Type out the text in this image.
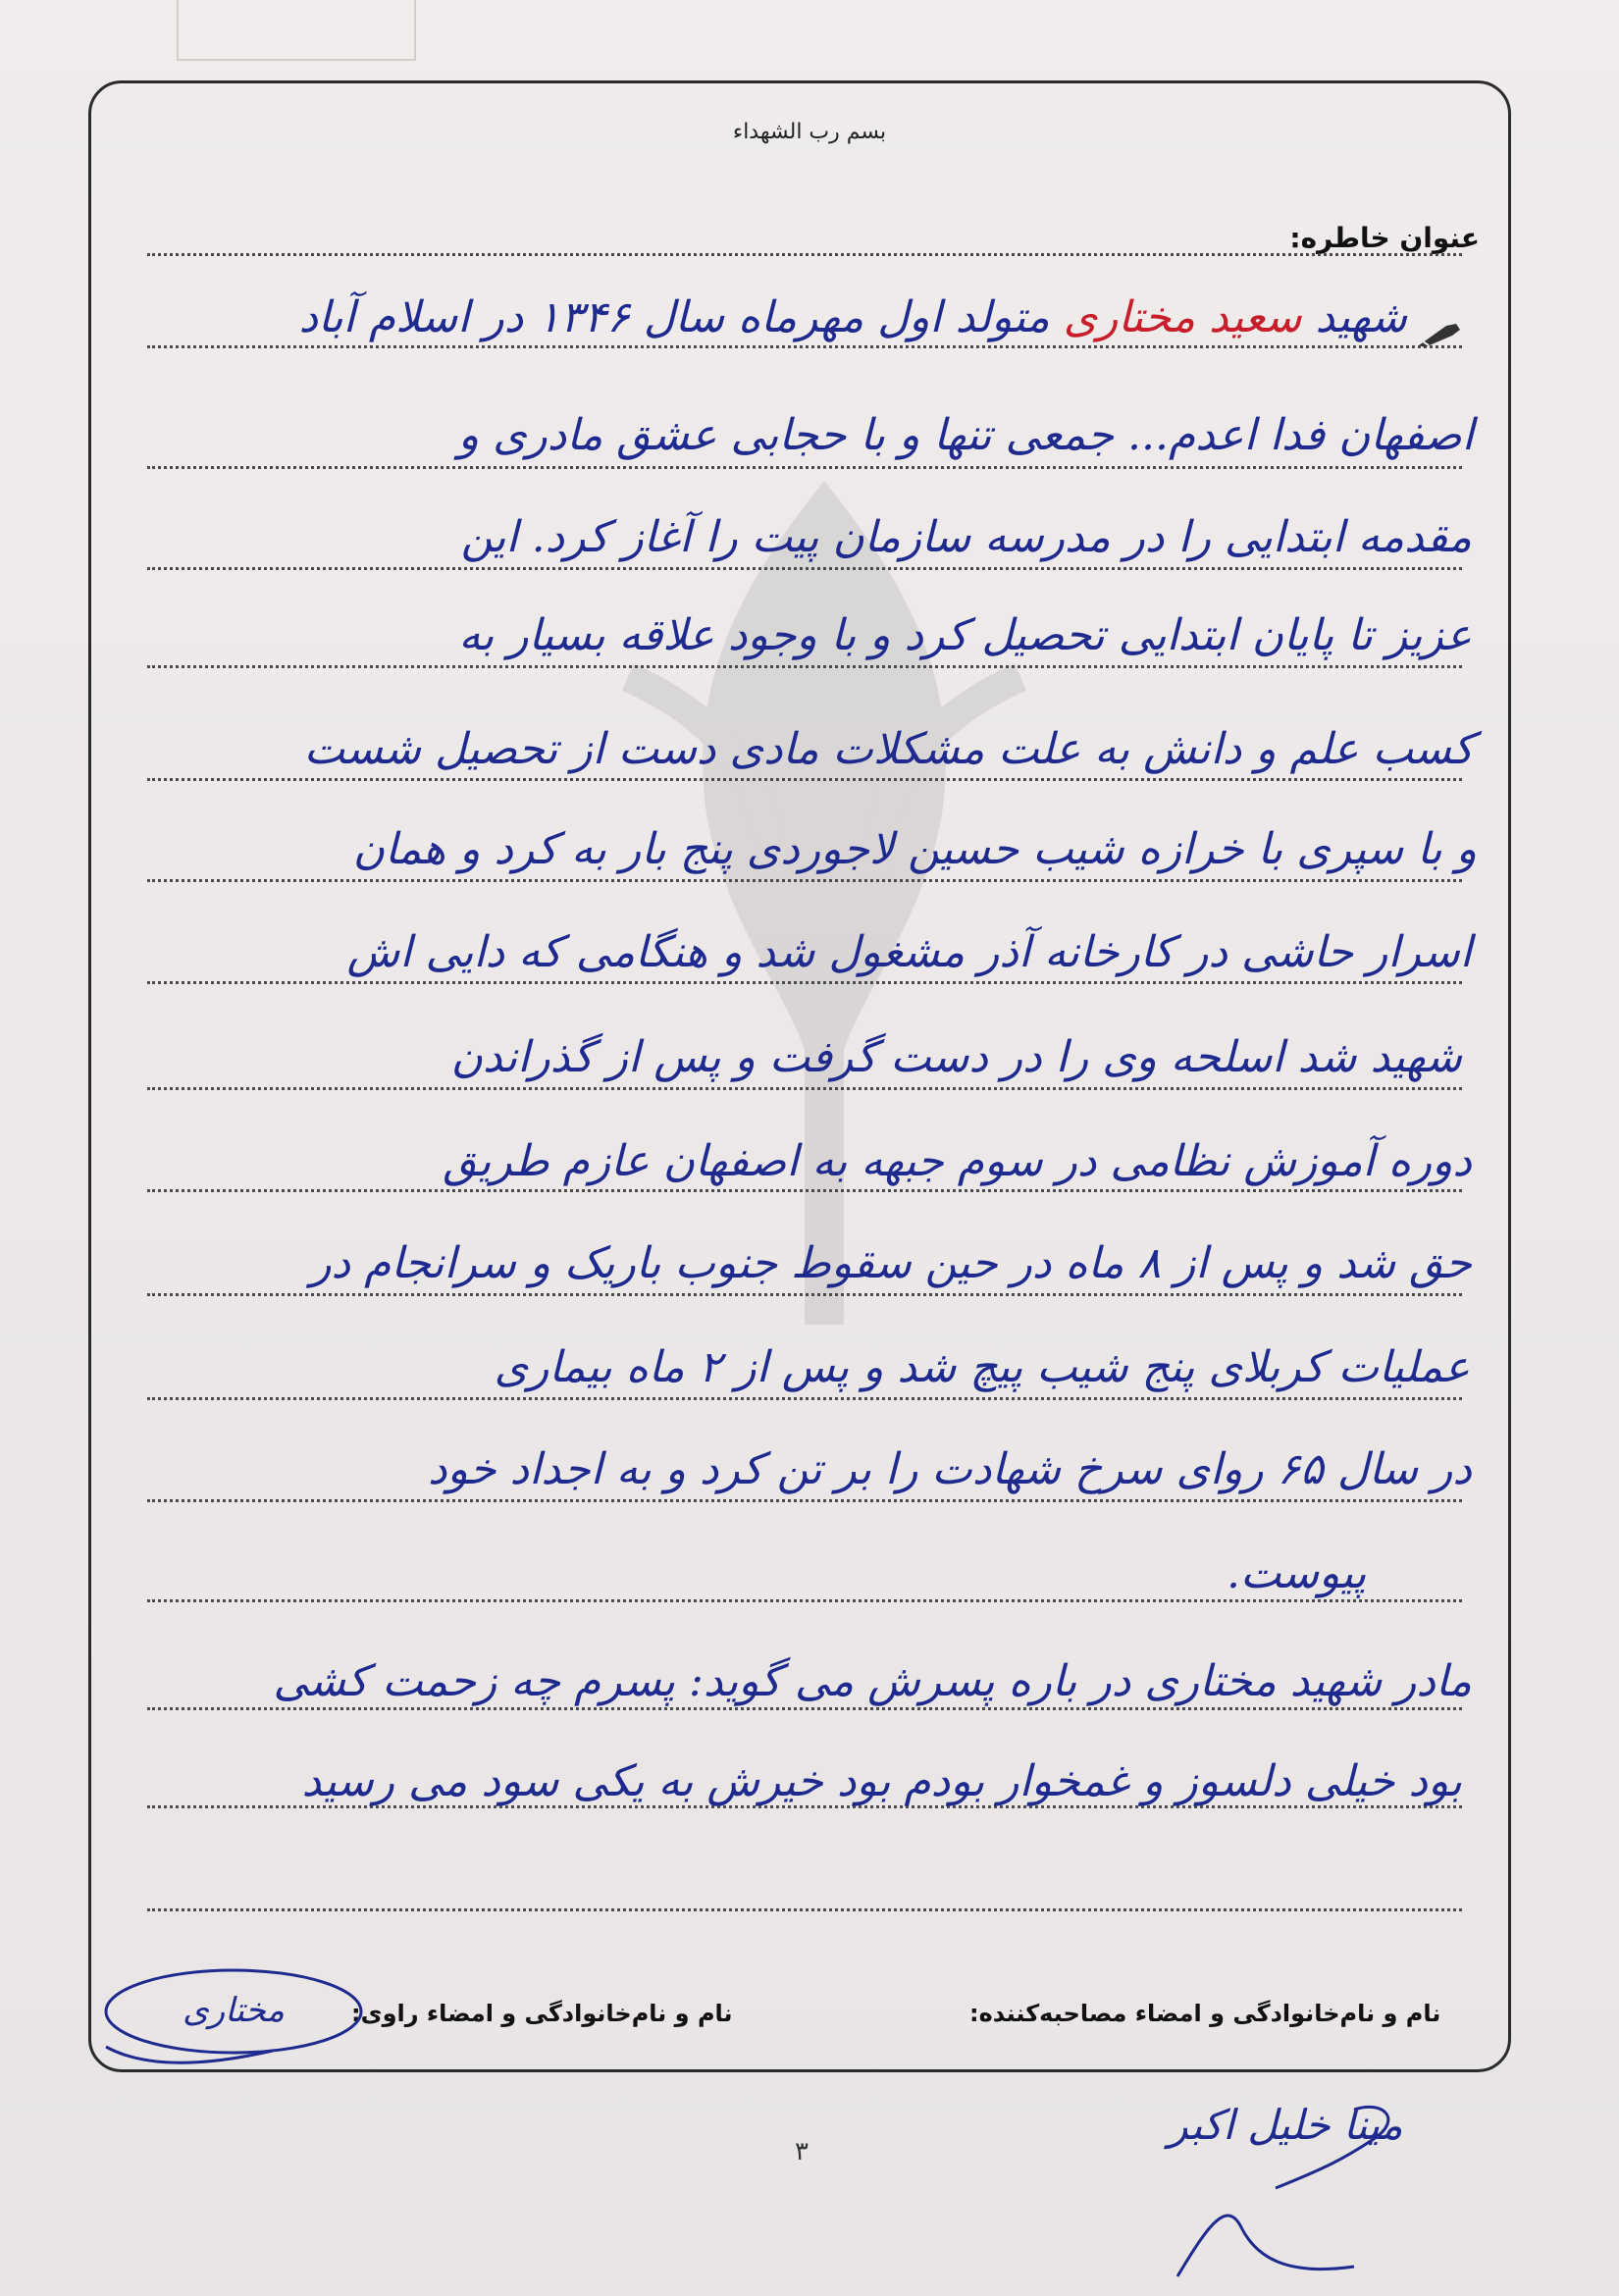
بسم رب الشهداء
عنوان خاطره:
شهید سعید مختاری متولد اول مهرماه سال ۱۳۴۶ در اسلام آباد
اصفهان فدا اعدم... جمعی تنها و با حجابی عشق مادری و
مقدمه ابتدایی را در مدرسه سازمان پیت را آغاز کرد. این
عزیز تا پایان ابتدایی تحصیل کرد و با وجود علاقه بسیار به
کسب علم و دانش به علت مشکلات مادی دست از تحصیل شست
و با سپری با خرازه شیب حسین لاجوردی پنج بار به کرد و همان
اسرار حاشی در کارخانه آذر مشغول شد و هنگامی که دایی اش
شهید شد اسلحه وی را در دست گرفت و پس از گذراندن
دوره آموزش نظامی در سوم جبهه به اصفهان عازم طریق
حق شد و پس از ۸ ماه در حین سقوط جنوب باریک و سرانجام در
عملیات کربلای پنج شیب پیچ شد و پس از ۲ ماه بیماری
در سال ۶۵ روای سرخ شهادت را بر تن کرد و به اجداد خود
پیوست.
مادر شهید مختاری در باره پسرش می گوید: پسرم چه زحمت کشی
بود خیلی دلسوز و غمخوار بودم بود خیرش به یکی سود می رسید
نام و نام‌خانوادگی و امضاء مصاحبه‌کننده:
نام و نام‌خانوادگی و امضاء راوی:
مختاری
مینا خلیل اکبر
۳
